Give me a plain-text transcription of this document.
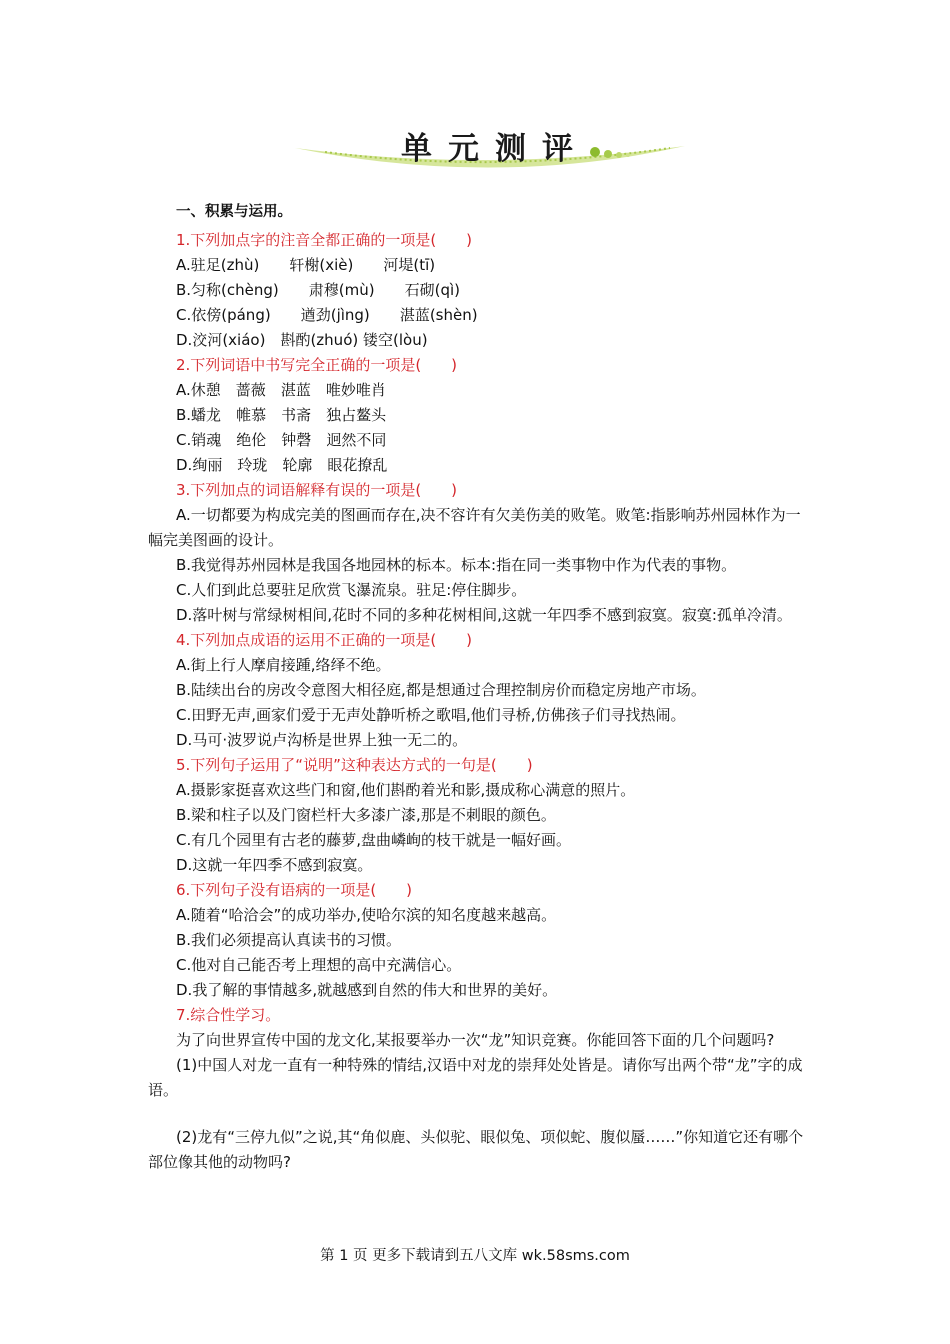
单元测评
一、积累与运用。
1.下列加点字的注音全都正确的一项是(　　)
A.驻足(zhù)　　 轩榭(xiè)　　 河堤(tī)
B.匀称(chèng)　　 肃穆(mù)　　 石砌(qì)
C.依傍(páng)　　 遒劲(jìng)　　 湛蓝(shèn)
D.洨河(xiáo)　 斟酌(zhuó) 镂空(lòu)
2.下列词语中书写完全正确的一项是(　　)
A.休憩　 蔷薇　 湛蓝　 唯妙唯肖
B.蟠龙　 帷慕　 书斋　 独占鳌头
C.销魂　 绝伦　 钟磬　 迥然不同
D.绚丽　 玲珑　 轮廓　 眼花撩乱
3.下列加点的词语解释有误的一项是(　　)
A.一切都要为构成完美的图画而存在,决不容许有欠美伤美的败笔。败笔:指影响苏州园林作为一幅完美图画的设计。
B.我觉得苏州园林是我国各地园林的标本。标本:指在同一类事物中作为代表的事物。
C.人们到此总要驻足欣赏飞瀑流泉。驻足:停住脚步。
D.落叶树与常绿树相间,花时不同的多种花树相间,这就一年四季不感到寂寞。寂寞:孤单冷清。
4.下列加点成语的运用不正确的一项是(　　)
A.街上行人摩肩接踵,络绎不绝。
B.陆续出台的房改令意图大相径庭,都是想通过合理控制房价而稳定房地产市场。
C.田野无声,画家们爱于无声处静听桥之歌唱,他们寻桥,仿佛孩子们寻找热闹。
D.马可·波罗说卢沟桥是世界上独一无二的。
5.下列句子运用了“说明”这种表达方式的一句是(　　)
A.摄影家挺喜欢这些门和窗,他们斟酌着光和影,摄成称心满意的照片。
B.梁和柱子以及门窗栏杆大多漆广漆,那是不刺眼的颜色。
C.有几个园里有古老的藤萝,盘曲嶙峋的枝干就是一幅好画。
D.这就一年四季不感到寂寞。
6.下列句子没有语病的一项是(　　)
A.随着“哈洽会”的成功举办,使哈尔滨的知名度越来越高。
B.我们必须提高认真读书的习惯。
C.他对自己能否考上理想的高中充满信心。
D.我了解的事情越多,就越感到自然的伟大和世界的美好。
7.综合性学习。
为了向世界宣传中国的龙文化,某报要举办一次“龙”知识竞赛。你能回答下面的几个问题吗?
(1)中国人对龙一直有一种特殊的情结,汉语中对龙的崇拜处处皆是。请你写出两个带“龙”字的成语。
(2)龙有“三停九似”之说,其“角似鹿、头似驼、眼似兔、项似蛇、腹似蜃……”你知道它还有哪个部位像其他的动物吗?
第 1 页 更多下载请到五八文库 wk.58sms.com
